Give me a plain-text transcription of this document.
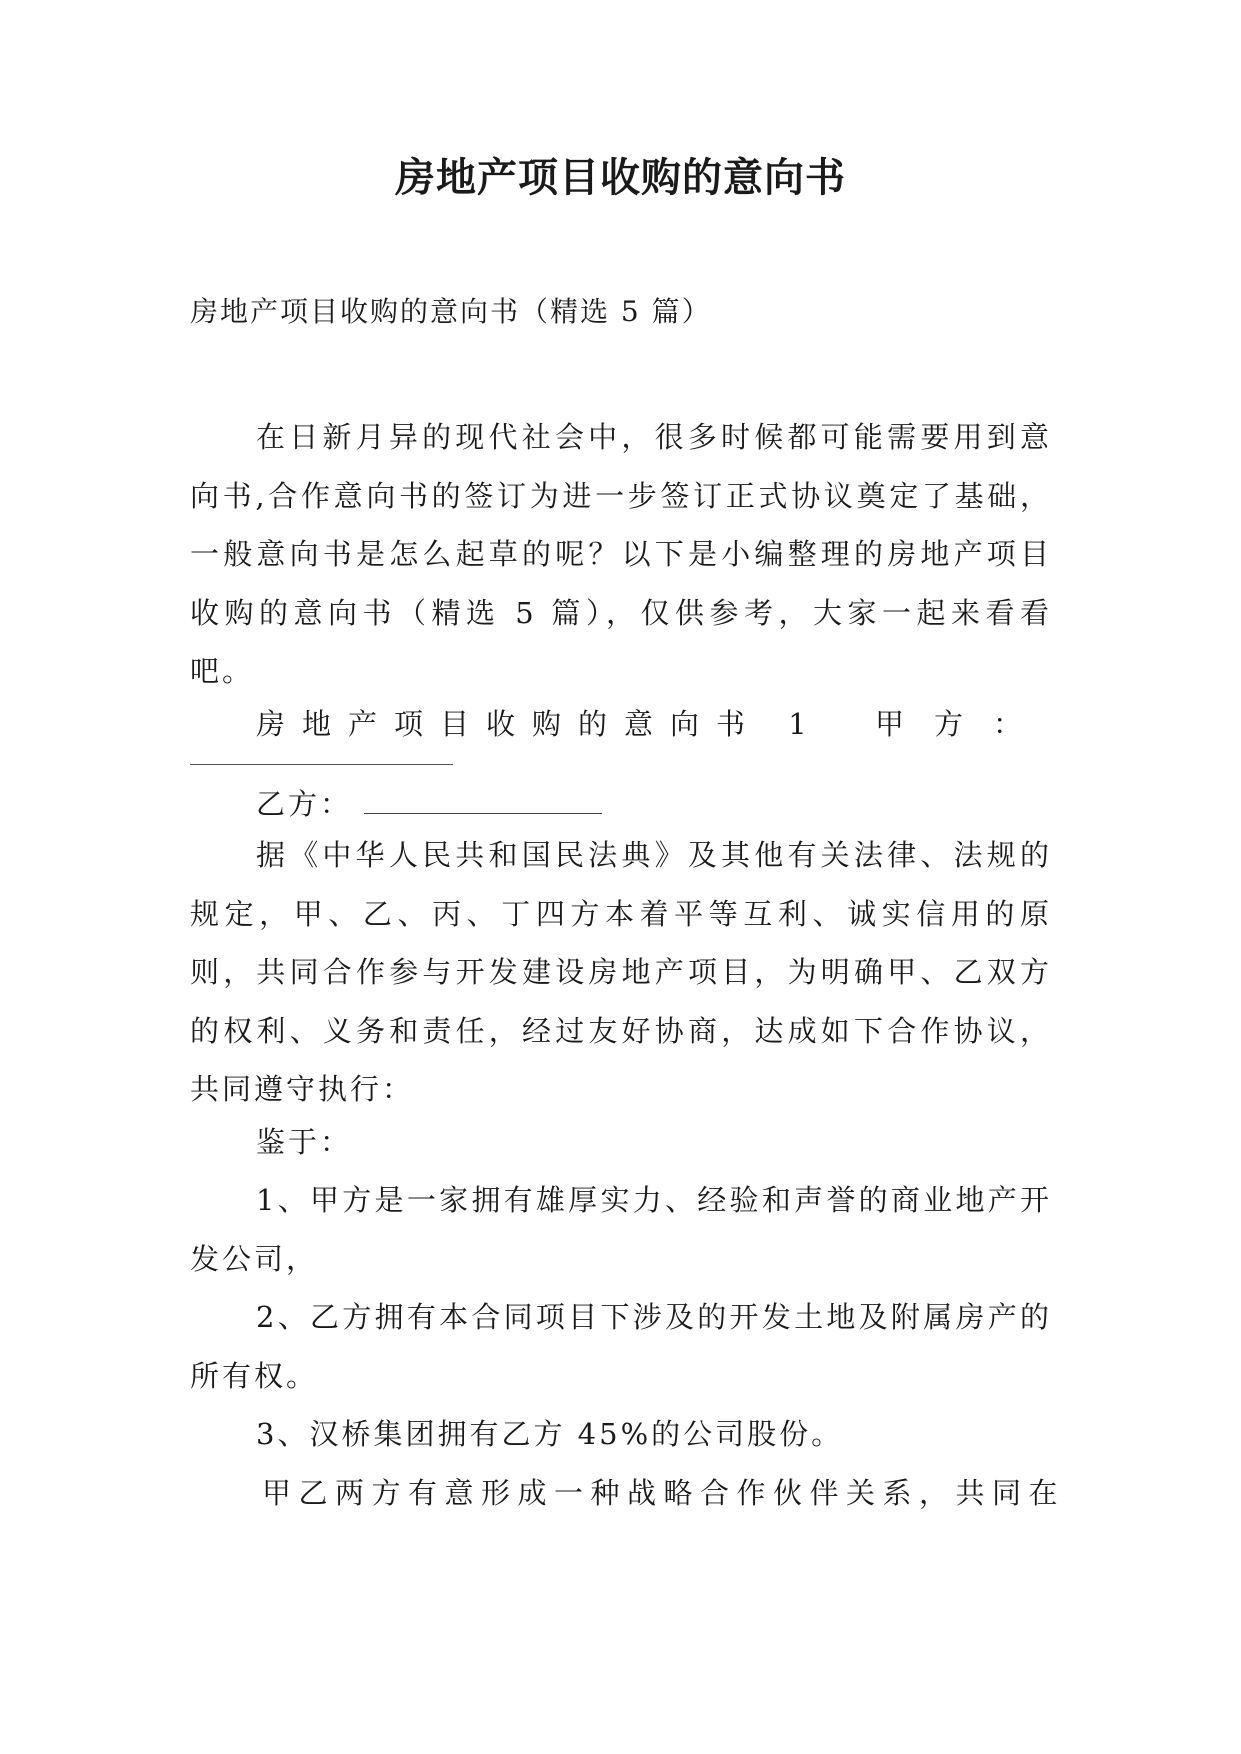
房地产项目收购的意向书
房地产项目收购的意向书（精选 5 篇）

在日新月异的现代社会中，很多时候都可能需要用到意向书,合作意向书的签订为进一步签订正式协议奠定了基础，一般意向书是怎么起草的呢？以下是小编整理的房地产项目收购的意向书（精选 5 篇），仅供参考，大家一起来看看吧。

房地产项目收购的意向书 1 甲方：
乙方：

据《中华人民共和国民法典》及其他有关法律、法规的规定，甲、乙、丙、丁四方本着平等互利、诚实信用的原则，共同合作参与开发建设房地产项目，为明确甲、乙双方的权利、义务和责任，经过友好协商，达成如下合作协议，共同遵守执行：

鉴于：

1、甲方是一家拥有雄厚实力、经验和声誉的商业地产开发公司，

2、乙方拥有本合同项目下涉及的开发土地及附属房产的所有权。

3、汉桥集团拥有乙方 45%的公司股份。
甲乙两方有意形成一种战略合作伙伴关系，共同在
